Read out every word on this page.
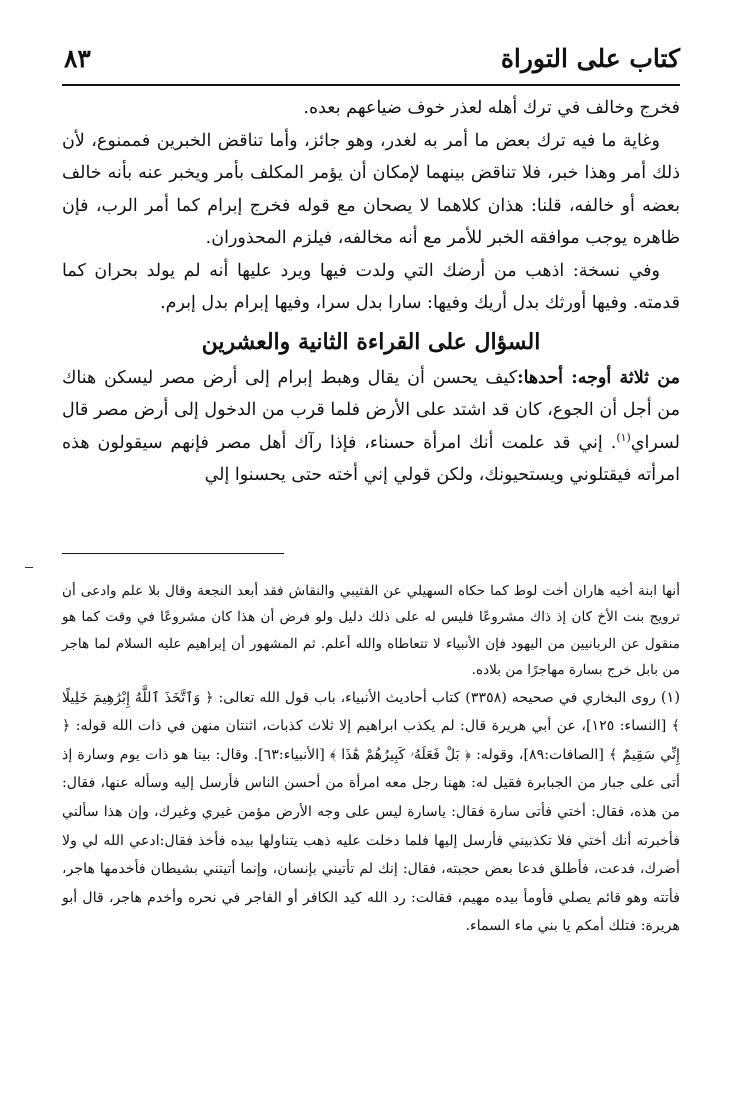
كتاب على التوراة
٨٣

فخرج وخالف في ترك أهله لعذر خوف ضياعهم بعده.

وغاية ما فيه ترك بعض ما أمر به لغدر، وهو جائز، وأما تناقض الخبرين فممنوع، لأن ذلك أمر وهذا خبر، فلا تناقض بينهما لإمكان أن يؤمر المكلف بأمر ويخبر عنه بأنه خالف بعضه أو خالفه، قلنا: هذان كلاهما لا يصحان مع قوله فخرج إبرام كما أمر الرب، فإن ظاهره يوجب موافقه الخبر للأمر مع أنه مخالفه، فيلزم المحذوران.

وفي نسخة: اذهب من أرضك التي ولدت فيها ويرد عليها أنه لم يولد بحران كما قدمته. وفيها أورثك بدل أريك وفيها: سارا بدل سرا، وفيها إبرام بدل إبرم.

السؤال على القراءة الثانية والعشرين

من ثلاثة أوجه: أحدها:كيف يحسن أن يقال وهبط إبرام إلى أرض مصر ليسكن هناك من أجل أن الجوع، كان قد اشتد على الأرض فلما قرب من الدخول إلى أرض مصر قال لسراي$^{(١)}$. إني قد علمت أنك امرأة حسناء، فإذا رآك أهل مصر فإنهم سيقولون هذه امرأته فيقتلوني ويستحيونك، ولكن قولي إني أخته حتى يحسنوا إلي

أنها ابنة أخيه هاران أخت لوط كما حكاه السهيلي عن القتيبي والنقاش فقد أبعد النجعة وقال بلا علم وادعى أن ترويج بنت الأخ كان إذ ذاك مشروعًا فليس له على ذلك دليل ولو فرض أن هذا كان مشروعًا في وقت كما هو منقول عن الربانيين من اليهود فإن الأنبياء لا تتعاطاه والله أعلم. ثم المشهور أن إبراهيم عليه السلام لما هاجر من بابل خرج بسارة مهاجرًا من بلاده.

(١) روى البخاري في صحيحه (٣٣٥٨) كتاب أحاديث الأنبياء، باب قول الله تعالى: ﴿ وَٱتَّخَذَ ٱللَّهُ إِبْرَٰهِيمَ خَلِيلًا ﴾ [النساء: ١٢٥]، عن أبي هريرة قال: لم يكذب ابراهيم إلا ثلاث كذبات، اثنتان منهن في ذات الله قوله: ﴿ إِنِّي سَقِيمٌ ﴾ [الصافات:٨٩]، وقوله: ﴿ بَلْ فَعَلَهُۥ كَبِيرُهُمْ هَٰذَا ﴾ [الأنبياء:٦٣]. وقال: بينا هو ذات يوم وسارة إذ أتى على جبار من الجبابرة فقيل له: ههنا رجل معه امرأة من أحسن الناس فأرسل إليه وسأله عنها، فقال: من هذه، فقال: أختي فأتى سارة فقال: ياسارة ليس على وجه الأرض مؤمن غيري وغيرك، وإن هذا سألني فأخبرته أنك أختي فلا تكذبيني فأرسل إليها فلما دخلت عليه ذهب يتناولها بيده فأخذ فقال:ادعي الله لي ولا أضرك، فدعت، فأطلق فدعا بعض حجبته، فقال: إنك لم تأتيني بإنسان، وإنما أتيتني بشيطان فأخدمها هاجر، فأتته وهو قائم يصلي فأومأ بيده مهيم، فقالت: رد الله كيد الكافر أو الفاجر في نحره وأخدم هاجر، قال أبو هريرة: فتلك أمكم يا بني ماء السماء.
